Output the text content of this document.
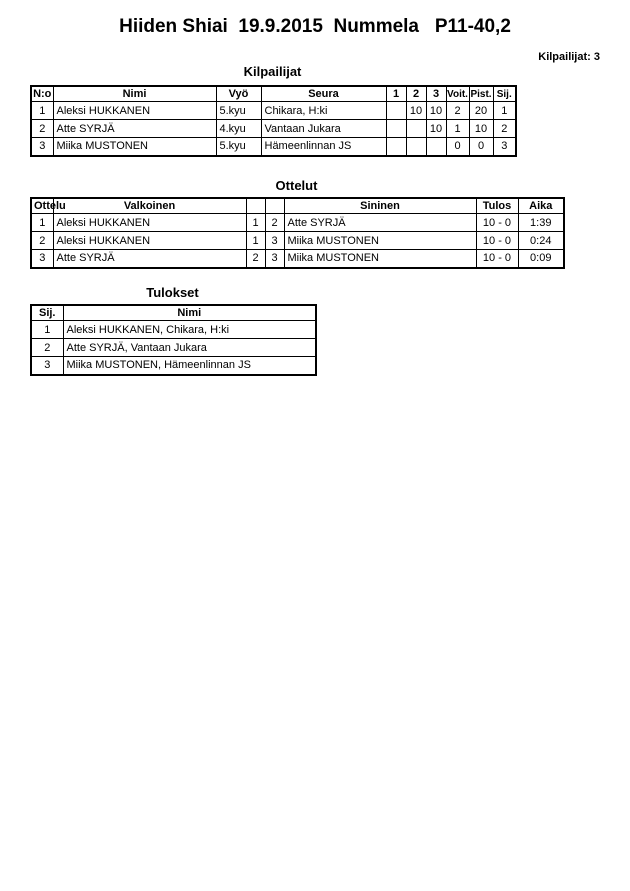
Hiiden Shiai  19.9.2015  Nummela   P11-40,2
Kilpailijat: 3
Kilpailijat
N:o	Nimi	Vyö	Seura	1	2	3	Voit.	Pist.	Sij.
1	Aleksi HUKKANEN	5.kyu	Chikara, H:ki		10	10	2	20	1
2	Atte SYRJÄ	4.kyu	Vantaan Jukara			10	1	10	2
3	Miika MUSTONEN	5.kyu	Hämeenlinnan JS				0	0	3
Ottelut
Ottelu	Valkoinen			Sininen	Tulos	Aika
1	Aleksi HUKKANEN	1	2	Atte SYRJÄ	10 - 0	1:39
2	Aleksi HUKKANEN	1	3	Miika MUSTONEN	10 - 0	0:24
3	Atte SYRJÄ	2	3	Miika MUSTONEN	10 - 0	0:09
Tulokset
Sij.	Nimi
1	Aleksi HUKKANEN, Chikara, H:ki
2	Atte SYRJÄ, Vantaan Jukara
3	Miika MUSTONEN, Hämeenlinnan JS
